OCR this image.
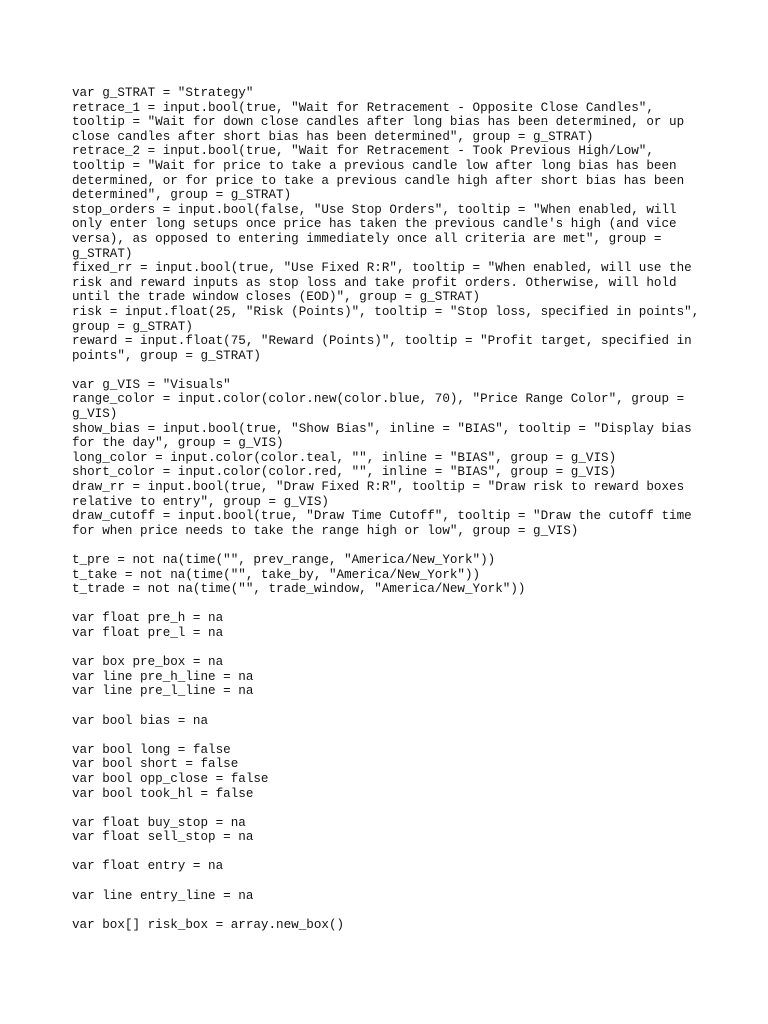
var g_STRAT = "Strategy"
retrace_1 = input.bool(true, "Wait for Retracement - Opposite Close Candles",
tooltip = "Wait for down close candles after long bias has been determined, or up
close candles after short bias has been determined", group = g_STRAT)
retrace_2 = input.bool(true, "Wait for Retracement - Took Previous High/Low",
tooltip = "Wait for price to take a previous candle low after long bias has been
determined, or for price to take a previous candle high after short bias has been
determined", group = g_STRAT)
stop_orders = input.bool(false, "Use Stop Orders", tooltip = "When enabled, will
only enter long setups once price has taken the previous candle's high (and vice
versa), as opposed to entering immediately once all criteria are met", group =
g_STRAT)
fixed_rr = input.bool(true, "Use Fixed R:R", tooltip = "When enabled, will use the
risk and reward inputs as stop loss and take profit orders. Otherwise, will hold
until the trade window closes (EOD)", group = g_STRAT)
risk = input.float(25, "Risk (Points)", tooltip = "Stop loss, specified in points",
group = g_STRAT)
reward = input.float(75, "Reward (Points)", tooltip = "Profit target, specified in
points", group = g_STRAT)
var g_VIS = "Visuals"
range_color = input.color(color.new(color.blue, 70), "Price Range Color", group =
g_VIS)
show_bias = input.bool(true, "Show Bias", inline = "BIAS", tooltip = "Display bias
for the day", group = g_VIS)
long_color = input.color(color.teal, "", inline = "BIAS", group = g_VIS)
short_color = input.color(color.red, "", inline = "BIAS", group = g_VIS)
draw_rr = input.bool(true, "Draw Fixed R:R", tooltip = "Draw risk to reward boxes
relative to entry", group = g_VIS)
draw_cutoff = input.bool(true, "Draw Time Cutoff", tooltip = "Draw the cutoff time
for when price needs to take the range high or low", group = g_VIS)
t_pre = not na(time("", prev_range, "America/New_York"))
t_take = not na(time("", take_by, "America/New_York"))
t_trade = not na(time("", trade_window, "America/New_York"))
var float pre_h = na
var float pre_l = na
var box pre_box = na
var line pre_h_line = na
var line pre_l_line = na
var bool bias = na
var bool long = false
var bool short = false
var bool opp_close = false
var bool took_hl = false
var float buy_stop = na
var float sell_stop = na
var float entry = na
var line entry_line = na
var box[] risk_box = array.new_box()
